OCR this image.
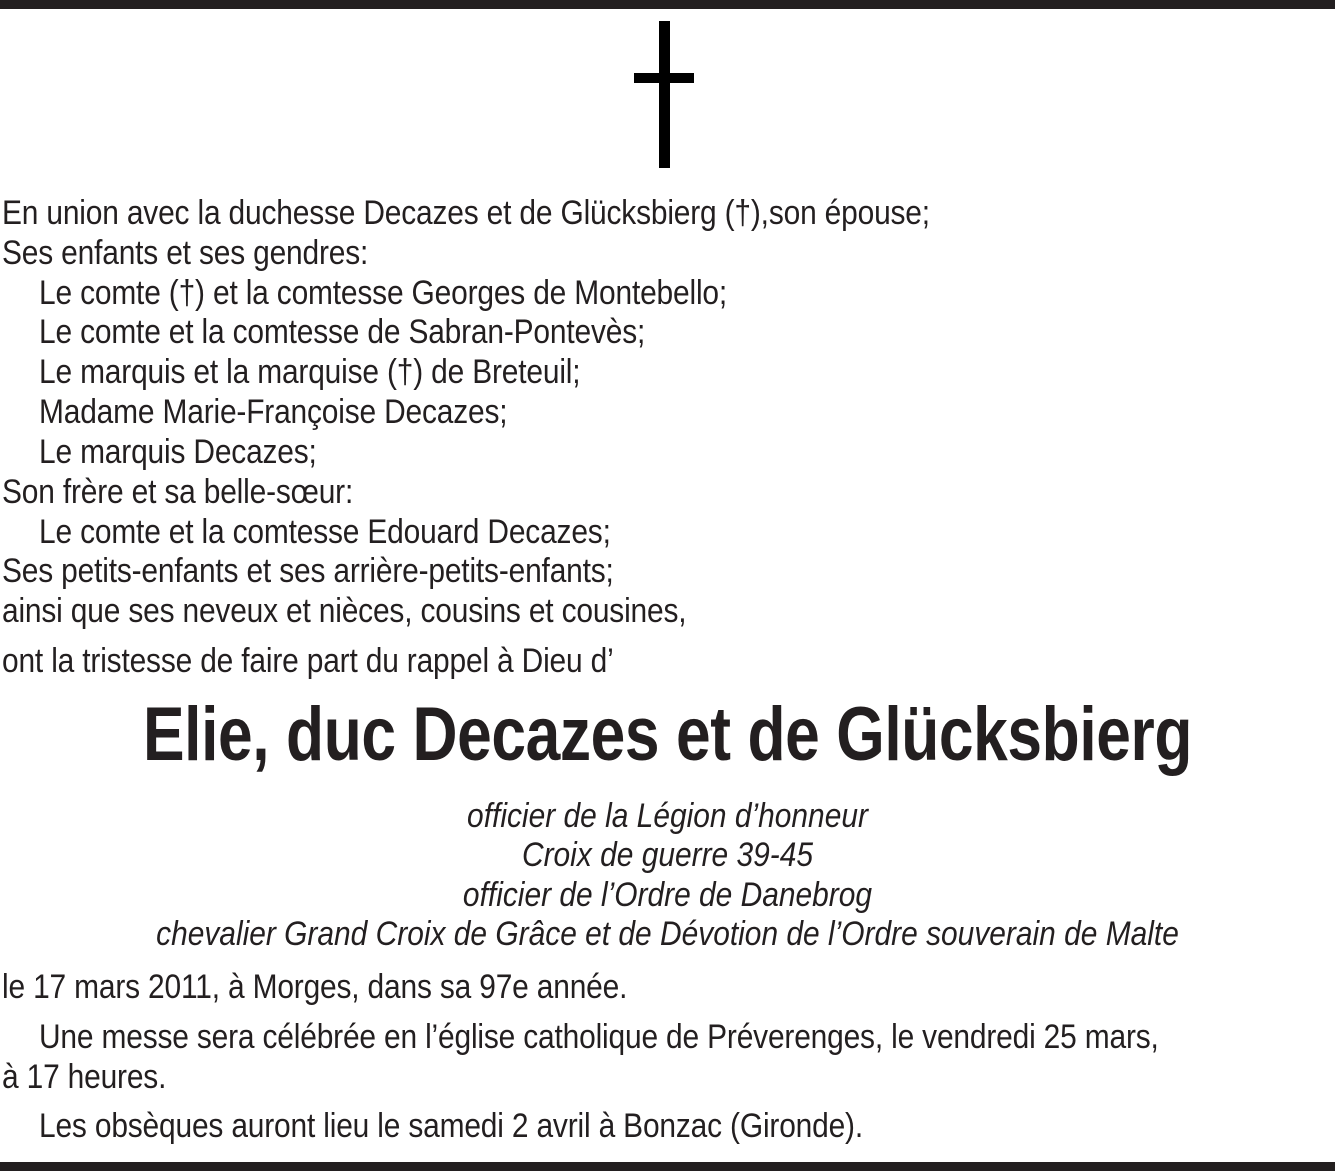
En union avec la duchesse Decazes et de Glücksbierg (†),son épouse;
Ses enfants et ses gendres:
Le comte (†) et la comtesse Georges de Montebello;
Le comte et la comtesse de Sabran-Pontevès;
Le marquis et la marquise (†) de Breteuil;
Madame Marie-Françoise Decazes;
Le marquis Decazes;
Son frère et sa belle-sœur:
Le comte et la comtesse Edouard Decazes;
Ses petits-enfants et ses arrière-petits-enfants;
ainsi que ses neveux et nièces, cousins et cousines,
ont la tristesse de faire part du rappel à Dieu d’
Elie, duc Decazes et de Glücksbierg
officier de la Légion d’honneur
Croix de guerre 39-45
officier de l’Ordre de Danebrog
chevalier Grand Croix de Grâce et de Dévotion de l’Ordre souverain de Malte
le 17 mars 2011, à Morges, dans sa 97e année.
Une messe sera célébrée en l’église catholique de Préverenges, le vendredi 25 mars,
à 17 heures.
Les obsèques auront lieu le samedi 2 avril à Bonzac (Gironde).
